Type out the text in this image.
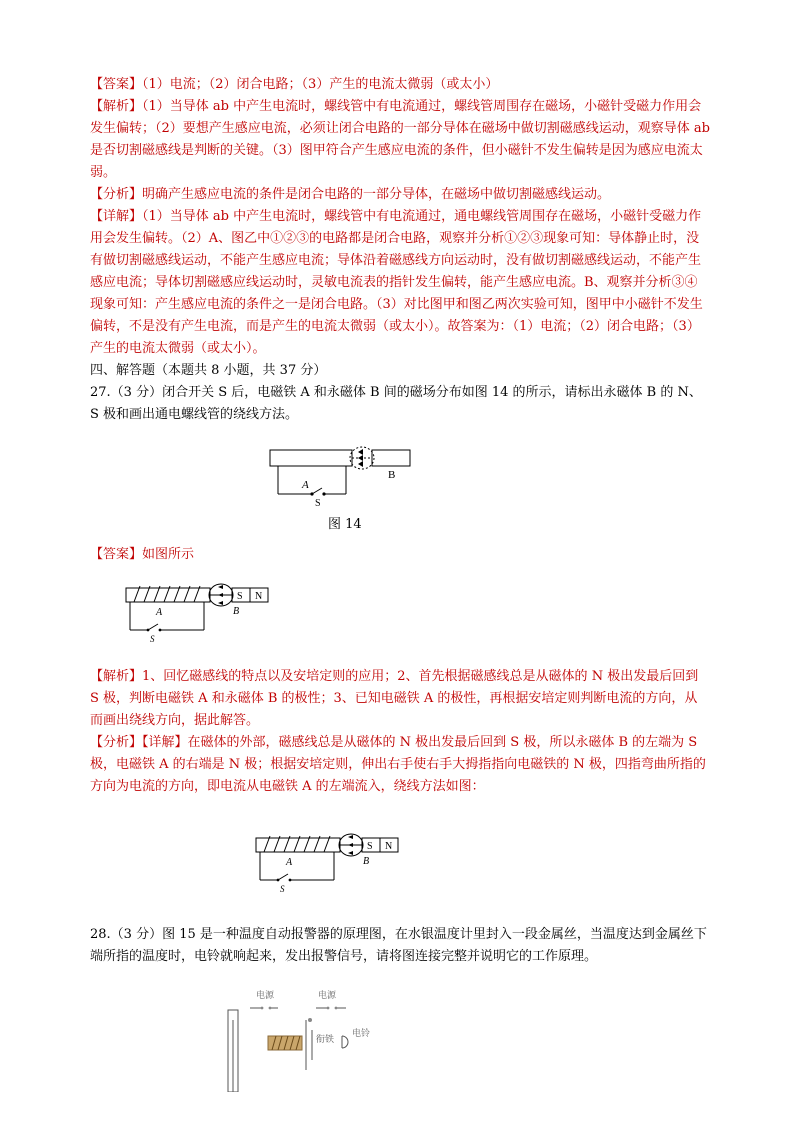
【答案】（1）电流；（2）闭合电路；（3）产生的电流太微弱（或太小）

【解析】（1）当导体 ab 中产生电流时，螺线管中有电流通过，螺线管周围存在磁场，小磁针受磁力作用会发生偏转；（2）要想产生感应电流，必须让闭合电路的一部分导体在磁场中做切割磁感线运动，观察导体 ab 是否切割磁感线是判断的关键。（3）图甲符合产生感应电流的条件，但小磁针不发生偏转是因为感应电流太弱。

【分析】明确产生感应电流的条件是闭合电路的一部分导体，在磁场中做切割磁感线运动。

【详解】（1）当导体 ab 中产生电流时，螺线管中有电流通过，通电螺线管周围存在磁场，小磁针受磁力作用会发生偏转。（2）A、图乙中①②③的电路都是闭合电路，观察并分析①②③现象可知：导体静止时，没有做切割磁感线运动，不能产生感应电流；导体沿着磁感线方向运动时，没有做切割磁感线运动，不能产生感应电流；导体切割磁感应线运动时，灵敏电流表的指针发生偏转，能产生感应电流。B、观察并分析③④现象可知：产生感应电流的条件之一是闭合电路。（3）对比图甲和图乙两次实验可知，图甲中小磁针不发生偏转，不是没有产生电流，而是产生的电流太微弱（或太小）。故答案为：（1）电流；（2）闭合电路；（3）产生的电流太微弱（或太小）。

四、解答题（本题共 8 小题，共 37 分）

27.（3 分）闭合开关 S 后，电磁铁 A 和永磁体 B 间的磁场分布如图 14 的所示，请标出永磁体 B 的 N、S 极和画出通电螺线管的绕线方法。

A
B
S
图 14

【答案】如图所示

S N
A	B
S

【解析】1、回忆磁感线的特点以及安培定则的应用；2、首先根据磁感线总是从磁体的 N 极出发最后回到 S 极，判断电磁铁 A 和永磁体 B 的极性；3、已知电磁铁 A 的极性，再根据安培定则判断电流的方向，从而画出绕线方向，据此解答。

【分析】【详解】在磁体的外部，磁感线总是从磁体的 N 极出发最后回到 S 极，所以永磁体 B 的左端为 S 极，电磁铁 A 的右端是 N 极；根据安培定则，伸出右手使右手大拇指指向电磁铁的 N 极，四指弯曲所指的方向为电流的方向，即电流从电磁铁 A 的左端流入，绕线方法如图：

S N
A	B
S

28.（3 分）图 15 是一种温度自动报警器的原理图，在水银温度计里封入一段金属丝，当温度达到金属丝下端所指的温度时，电铃就响起来，发出报警信号，请将图连接完整并说明它的工作原理。

电源	电源
衔铁
电铃
